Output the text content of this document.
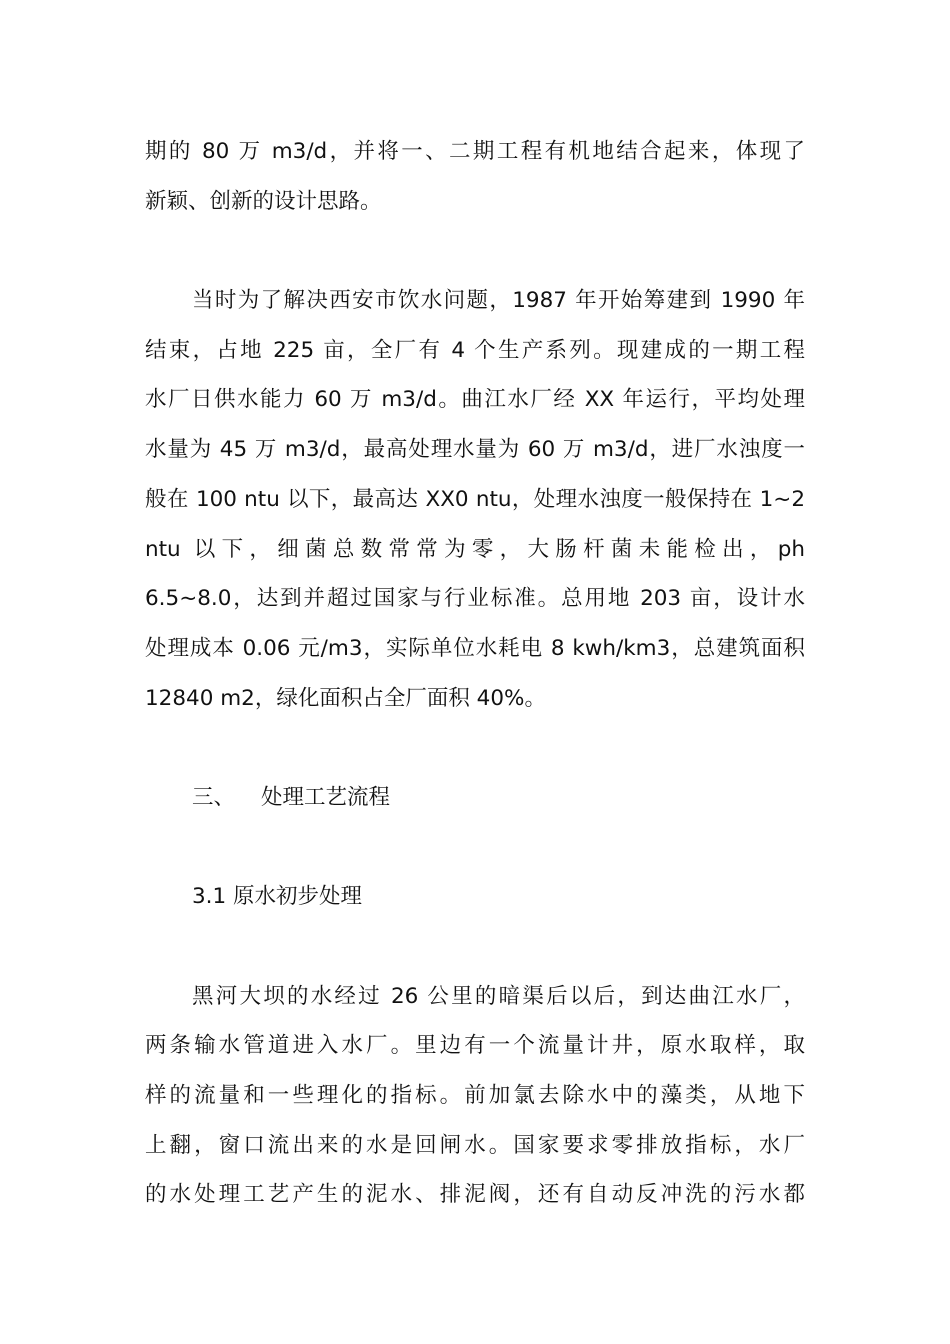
期的 80 万 m3/d，并将一、二期工程有机地结合起来，体现了
新颖、创新的设计思路。
当时为了解决西安市饮水问题，1987 年开始筹建到 1990 年
结束，占地 225 亩，全厂有 4 个生产系列。现建成的一期工程
水厂日供水能力 60 万 m3/d。曲江水厂经 XX 年运行，平均处理
水量为 45 万 m3/d，最高处理水量为 60 万 m3/d，进厂水浊度一
般在 100 ntu 以下，最高达 XX0 ntu，处理水浊度一般保持在 1~2
ntu 以下，细菌总数常常为零，大肠杆菌未能检出，ph
6.5~8.0，达到并超过国家与行业标准。总用地 203 亩，设计水
处理成本 0.06 元/m3，实际单位水耗电 8 kwh/km3，总建筑面积
12840 m2，绿化面积占全厂面积 40%。
三、 处理工艺流程
3.1 原水初步处理
黑河大坝的水经过 26 公里的暗渠后以后，到达曲江水厂，
两条输水管道进入水厂。里边有一个流量计井，原水取样，取
样的流量和一些理化的指标。前加氯去除水中的藻类，从地下
上翻，窗口流出来的水是回闸水。国家要求零排放指标，水厂
的水处理工艺产生的泥水、排泥阀，还有自动反冲洗的污水都
